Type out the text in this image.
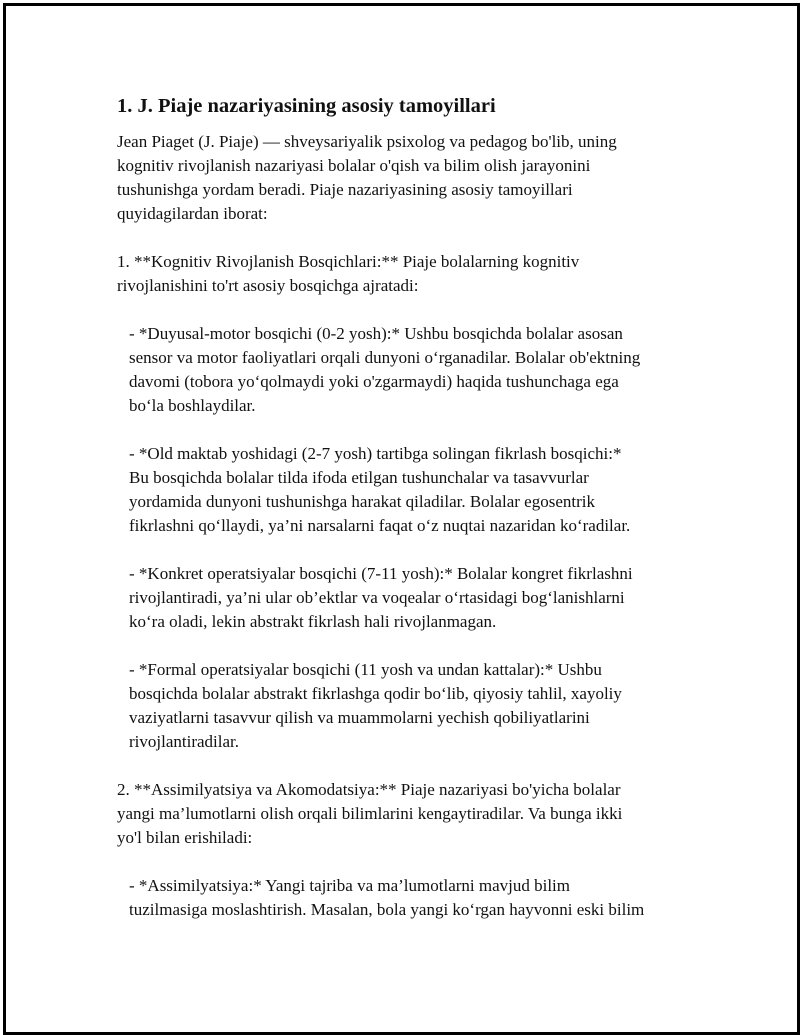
1. J. Piaje nazariyasining asosiy tamoyillari
Jean Piaget (J. Piaje) — shveysariyalik psixolog va pedagog bo'lib, uning
kognitiv rivojlanish nazariyasi bolalar o'qish va bilim olish jarayonini
tushunishga yordam beradi. Piaje nazariyasining asosiy tamoyillari
quyidagilardan iborat:
1. **Kognitiv Rivojlanish Bosqichlari:** Piaje bolalarning kognitiv
rivojlanishini to'rt asosiy bosqichga ajratadi:
- *Duyusal-motor bosqichi (0-2 yosh):* Ushbu bosqichda bolalar asosan
sensor va motor faoliyatlari orqali dunyoni o‘rganadilar. Bolalar ob'ektning
davomi (tobora yo‘qolmaydi yoki o'zgarmaydi) haqida tushunchaga ega
bo‘la boshlaydilar.
- *Old maktab yoshidagi (2-7 yosh) tartibga solingan fikrlash bosqichi:*
Bu bosqichda bolalar tilda ifoda etilgan tushunchalar va tasavvurlar
yordamida dunyoni tushunishga harakat qiladilar. Bolalar egosentrik
fikrlashni qo‘llaydi, ya’ni narsalarni faqat o‘z nuqtai nazaridan ko‘radilar.
- *Konkret operatsiyalar bosqichi (7-11 yosh):* Bolalar kongret fikrlashni
rivojlantiradi, ya’ni ular ob’ektlar va voqealar o‘rtasidagi bog‘lanishlarni
ko‘ra oladi, lekin abstrakt fikrlash hali rivojlanmagan.
- *Formal operatsiyalar bosqichi (11 yosh va undan kattalar):* Ushbu
bosqichda bolalar abstrakt fikrlashga qodir bo‘lib, qiyosiy tahlil, xayoliy
vaziyatlarni tasavvur qilish va muammolarni yechish qobiliyatlarini
rivojlantiradilar.
2. **Assimilyatsiya va Akomodatsiya:** Piaje nazariyasi bo'yicha bolalar
yangi ma’lumotlarni olish orqali bilimlarini kengaytiradilar. Va bunga ikki
yo'l bilan erishiladi:
- *Assimilyatsiya:* Yangi tajriba va ma’lumotlarni mavjud bilim
tuzilmasiga moslashtirish. Masalan, bola yangi ko‘rgan hayvonni eski bilim
